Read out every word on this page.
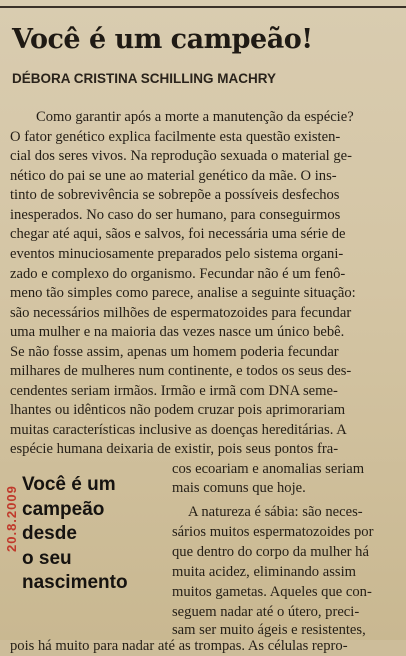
Você é um campeão!
DÉBORA CRISTINA SCHILLING MACHRY
Como garantir após a morte a manutenção da espécie?
O fator genético explica facilmente esta questão existen-
cial dos seres vivos. Na reprodução sexuada o material ge-
nético do pai se une ao material genético da mãe. O ins-
tinto de sobrevivência se sobrepõe a possíveis desfechos
inesperados. No caso do ser humano, para conseguirmos
chegar até aqui, sãos e salvos, foi necessária uma série de
eventos minuciosamente preparados pelo sistema organi-
zado e complexo do organismo. Fecundar não é um fenô-
meno tão simples como parece, analise a seguinte situação:
são necessários milhões de espermatozoides para fecundar
uma mulher e na maioria das vezes nasce um único bebê.
Se não fosse assim, apenas um homem poderia fecundar
milhares de mulheres num continente, e todos os seus des-
cendentes seriam irmãos. Irmão e irmã com DNA seme-
lhantes ou idênticos não podem cruzar pois aprimorariam
muitas características inclusive as doenças hereditárias. A
espécie humana deixaria de existir, pois seus pontos fra-
cos ecoariam e anomalias seriam
mais comuns que hoje.
A natureza é sábia: são neces-
sários muitos espermatozoides por
que dentro do corpo da mulher há
muita acidez, eliminando assim
muitos gametas. Aqueles que con-
seguem nadar até o útero, preci-
sam ser muito ágeis e resistentes,
pois há muito para nadar até as trompas. As células repro-
Você é um
campeão
desde
o seu
nascimento
20.8.2009
